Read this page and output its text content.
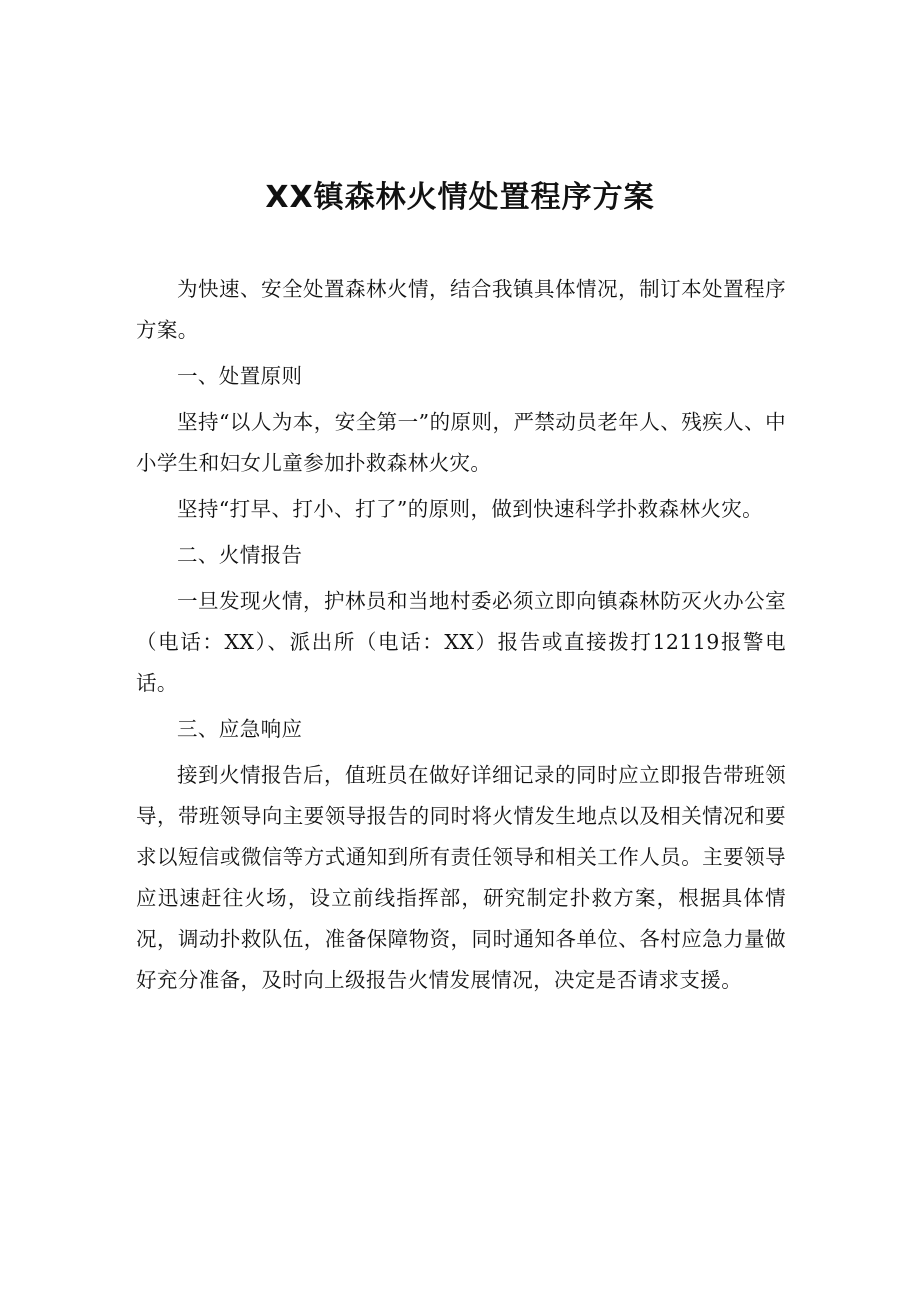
XX镇森林火情处置程序方案

为快速、安全处置森林火情，结合我镇具体情况，制订本处置程序方案。

一、处置原则

坚持“以人为本，安全第一”的原则，严禁动员老年人、残疾人、中小学生和妇女儿童参加扑救森林火灾。

坚持“打早、打小、打了”的原则，做到快速科学扑救森林火灾。

二、火情报告

一旦发现火情，护林员和当地村委必须立即向镇森林防灭火办公室（电话：XX）、派出所（电话：XX）报告或直接拨打12119报警电话。

三、应急响应

接到火情报告后，值班员在做好详细记录的同时应立即报告带班领导，带班领导向主要领导报告的同时将火情发生地点以及相关情况和要求以短信或微信等方式通知到所有责任领导和相关工作人员。主要领导应迅速赶往火场，设立前线指挥部，研究制定扑救方案，根据具体情况，调动扑救队伍，准备保障物资，同时通知各单位、各村应急力量做好充分准备，及时向上级报告火情发展情况，决定是否请求支援。
